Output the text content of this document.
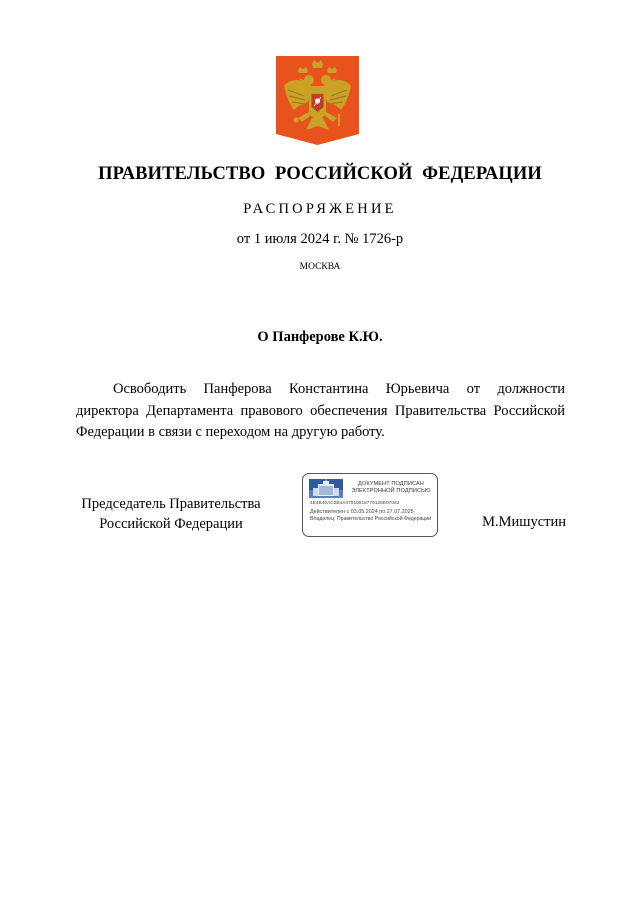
ПРАВИТЕЛЬСТВО РОССИЙСКОЙ ФЕДЕРАЦИИ
РАСПОРЯЖЕНИЕ
от 1 июля 2024 г. № 1726-р
МОСКВА
О Панферове К.Ю.
Освободить Панферова Константина Юрьевича от должности
директора Департамента правового обеспечения Правительства Российской
Федерации в связи с переходом на другую работу.
Председатель Правительства
Российской Федерации
ДОКУМЕНТ ПОДПИСАН
ЭЛЕКТРОННОЙ ПОДПИСЬЮ
4E4B46AC2B4A47915918770128E07082
Действителен с 03.05.2024 по 27.07.2025
Владелец: Правительство Российской Федерации	М.Мишустин
